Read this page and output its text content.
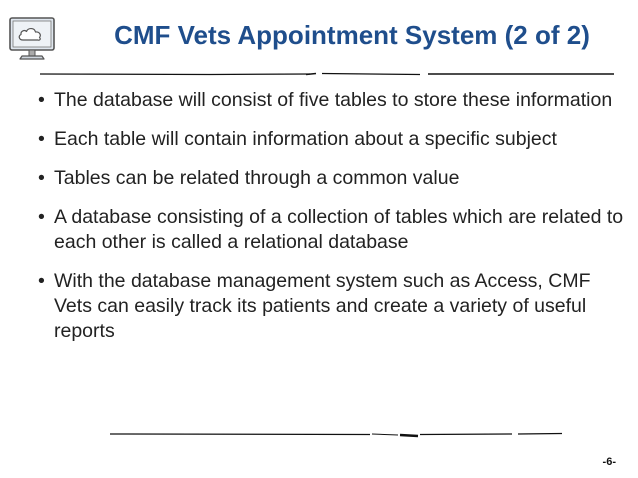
CMF Vets Appointment System (2 of 2)
• The database will consist of five tables to store these information
• Each table will contain information about a specific subject
• Tables can be related through a common value
• A database consisting of a collection of tables which are related to each other is called a relational database
• With the database management system such as Access, CMF Vets can easily track its patients and create a variety of useful reports
-6-
